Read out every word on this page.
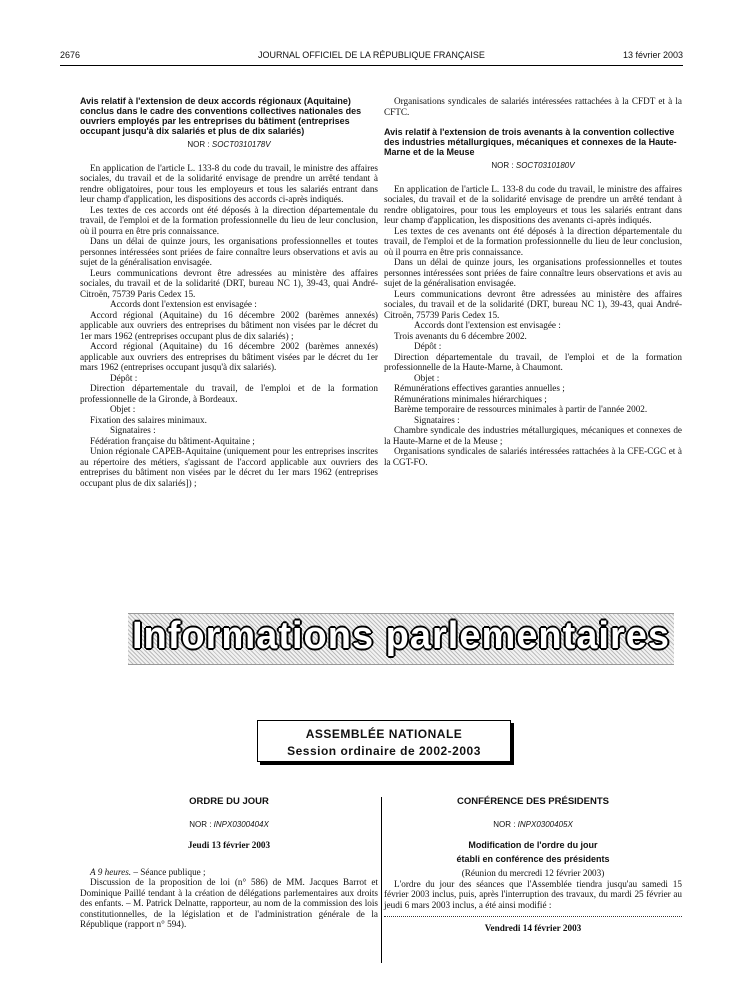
2676	JOURNAL OFFICIEL DE LA RÉPUBLIQUE FRANÇAISE	13 février 2003
Avis relatif à l'extension de deux accords régionaux (Aquitaine) conclus dans le cadre des conventions collectives nationales des ouvriers employés par les entreprises du bâtiment (entreprises occupant jusqu'à dix salariés et plus de dix salariés)
NOR : SOCT0310178V

En application de l'article L. 133-8 du code du travail, le ministre des affaires sociales, du travail et de la solidarité envisage de prendre un arrêté tendant à rendre obligatoires, pour tous les employeurs et tous les salariés entrant dans leur champ d'application, les dispositions des accords ci-après indiqués.

Les textes de ces accords ont été déposés à la direction départementale du travail, de l'emploi et de la formation professionnelle du lieu de leur conclusion, où il pourra en être pris connaissance.

Dans un délai de quinze jours, les organisations professionnelles et toutes personnes intéressées sont priées de faire connaître leurs observations et avis au sujet de la généralisation envisagée.

Leurs communications devront être adressées au ministère des affaires sociales, du travail et de la solidarité (DRT, bureau NC 1), 39-43, quai André-Citroën, 75739 Paris Cedex 15.

Accords dont l'extension est envisagée :

Accord régional (Aquitaine) du 16 décembre 2002 (barèmes annexés) applicable aux ouvriers des entreprises du bâtiment non visées par le décret du 1er mars 1962 (entreprises occupant plus de dix salariés) ;

Accord régional (Aquitaine) du 16 décembre 2002 (barèmes annexés) applicable aux ouvriers des entreprises du bâtiment visées par le décret du 1er mars 1962 (entreprises occupant jusqu'à dix salariés).

Dépôt :

Direction départementale du travail, de l'emploi et de la formation professionnelle de la Gironde, à Bordeaux.

Objet :

Fixation des salaires minimaux.

Signataires :

Fédération française du bâtiment-Aquitaine ;

Union régionale CAPEB-Aquitaine (uniquement pour les entreprises inscrites au répertoire des métiers, s'agissant de l'accord applicable aux ouvriers des entreprises du bâtiment non visées par le décret du 1er mars 1962 (entreprises occupant plus de dix salariés]) ;

Organisations syndicales de salariés intéressées rattachées à la CFDT et à la CFTC.

Avis relatif à l'extension de trois avenants à la convention collective des industries métallurgiques, mécaniques et connexes de la Haute-Marne et de la Meuse
NOR : SOCT0310180V

En application de l'article L. 133-8 du code du travail, le ministre des affaires sociales, du travail et de la solidarité envisage de prendre un arrêté tendant à rendre obligatoires, pour tous les employeurs et tous les salariés entrant dans leur champ d'application, les dispositions des avenants ci-après indiqués.

Les textes de ces avenants ont été déposés à la direction départementale du travail, de l'emploi et de la formation professionnelle du lieu de leur conclusion, où il pourra en être pris connaissance.

Dans un délai de quinze jours, les organisations professionnelles et toutes personnes intéressées sont priées de faire connaître leurs observations et avis au sujet de la généralisation envisagée.

Leurs communications devront être adressées au ministère des affaires sociales, du travail et de la solidarité (DRT, bureau NC 1), 39-43, quai André-Citroën, 75739 Paris Cedex 15.

Accords dont l'extension est envisagée :

Trois avenants du 6 décembre 2002.

Dépôt :

Direction départementale du travail, de l'emploi et de la formation professionnelle de la Haute-Marne, à Chaumont.

Objet :

Rémunérations effectives garanties annuelles ;

Rémunérations minimales hiérarchiques ;

Barème temporaire de ressources minimales à partir de l'année 2002.

Signataires :

Chambre syndicale des industries métallurgiques, mécaniques et connexes de la Haute-Marne et de la Meuse ;

Organisations syndicales de salariés intéressées rattachées à la CFE-CGC et à la CGT-FO.

Informations parlementaires
ASSEMBLÉE NATIONALE
Session ordinaire de 2002-2003
ORDRE DU JOUR
NOR : INPX0300404X
Jeudi 13 février 2003

A 9 heures. – Séance publique ;

Discussion de la proposition de loi (n° 586) de MM. Jacques Barrot et Dominique Paillé tendant à la création de délégations parlementaires aux droits des enfants. – M. Patrick Delnatte, rapporteur, au nom de la commission des lois constitutionnelles, de la législation et de l'administration générale de la République (rapport n° 594).

CONFÉRENCE DES PRÉSIDENTS
NOR : INPX0300405X
Modification de l'ordre du jour
établi en conférence des présidents

(Réunion du mercredi 12 février 2003)

L'ordre du jour des séances que l'Assemblée tiendra jusqu'au samedi 15 février 2003 inclus, puis, après l'interruption des travaux, du mardi 25 février au jeudi 6 mars 2003 inclus, a été ainsi modifié :

Vendredi 14 février 2003
